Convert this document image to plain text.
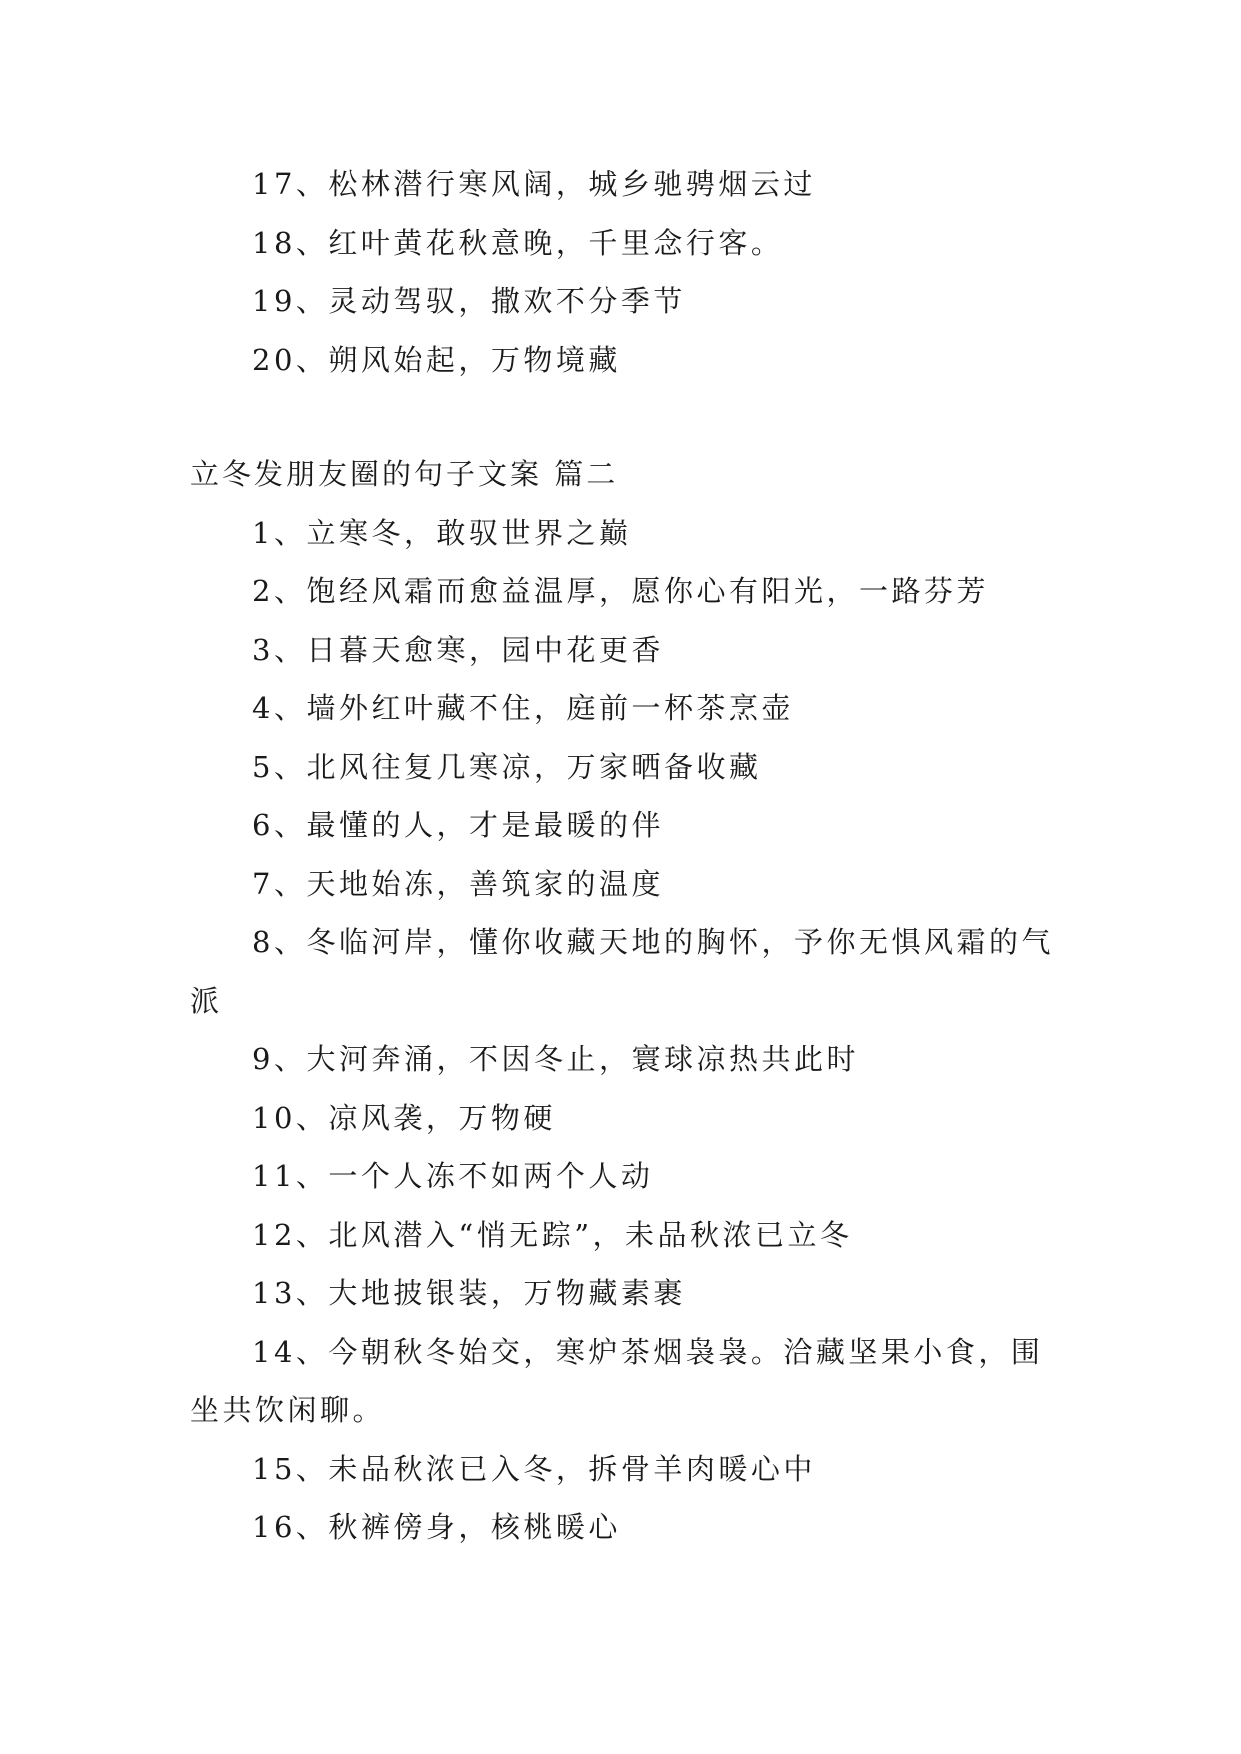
17、松林潜行寒风阔，城乡驰骋烟云过

18、红叶黄花秋意晚，千里念行客。

19、灵动驾驭，撒欢不分季节

20、朔风始起，万物境藏

立冬发朋友圈的句子文案 篇二

1、立寒冬，敢驭世界之巅

2、饱经风霜而愈益温厚，愿你心有阳光，一路芬芳

3、日暮天愈寒，园中花更香

4、墙外红叶藏不住，庭前一杯茶烹壶

5、北风往复几寒凉，万家晒备收藏

6、最懂的人，才是最暖的伴

7、天地始冻，善筑家的温度

8、冬临河岸，懂你收藏天地的胸怀，予你无惧风霜的气派

9、大河奔涌，不因冬止，寰球凉热共此时

10、凉风袭，万物硬

11、一个人冻不如两个人动

12、北风潜入“悄无踪”，未品秋浓已立冬

13、大地披银装，万物藏素裹

14、今朝秋冬始交，寒炉茶烟袅袅。洽藏坚果小食，围坐共饮闲聊。

15、未品秋浓已入冬，拆骨羊肉暖心中

16、秋裤傍身，核桃暖心
